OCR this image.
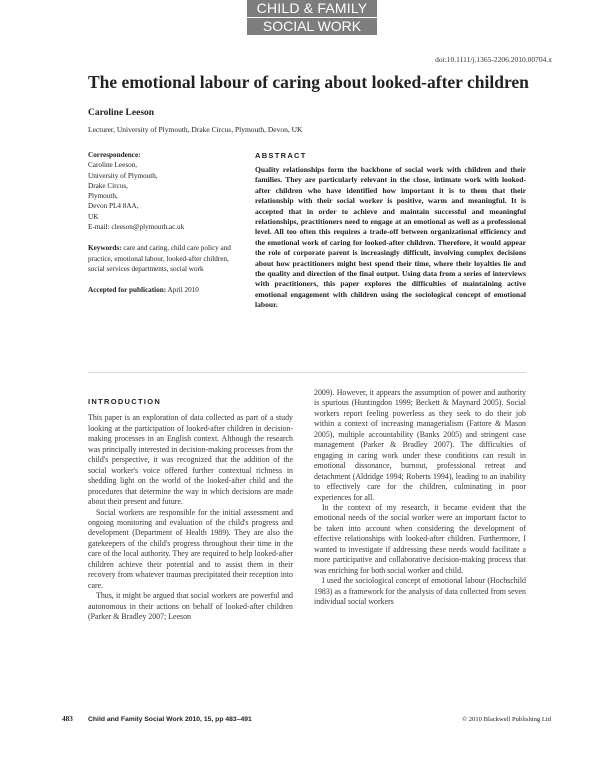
CHILD & FAMILY
SOCIAL WORK
doi:10.1111/j.1365-2206.2010.00704.x
The emotional labour of caring about looked-after children
Caroline Leeson
Lecturer, University of Plymouth, Drake Circus, Plymouth, Devon, UK
Correspondence:
Caroline Leeson,
University of Plymouth,
Drake Circus,
Plymouth,
Devon PL4 8AA,
UK
E-mail: cleeson@plymouth.ac.uk
Keywords: care and caring, child care policy and practice, emotional labour, looked-after children, social services departments, social work
Accepted for publication: April 2010
ABSTRACT

Quality relationships form the backbone of social work with children and their families. They are particularly relevant in the close, intimate work with looked-after children who have identified how important it is to them that their relationship with their social worker is positive, warm and meaningful. It is accepted that in order to achieve and maintain successful and meaningful relationships, practitioners need to engage at an emotional as well as a professional level. All too often this requires a trade-off between organizational efficiency and the emotional work of caring for looked-after children. Therefore, it would appear the role of corporate parent is increasingly difficult, involving complex decisions about how practitioners might best spend their time, where their loyalties lie and the quality and direction of the final output. Using data from a series of interviews with practitioners, this paper explores the difficulties of maintaining active emotional engagement with children using the sociological concept of emotional labour.

INTRODUCTION

This paper is an exploration of data collected as part of a study looking at the participation of looked-after children in decision-making processes in an English context. Although the research was principally interested in decision-making processes from the child's perspective, it was recognized that the addition of the social worker's voice offered further contextual richness in shedding light on the world of the looked-after child and the procedures that determine the way in which decisions are made about their present and future.

Social workers are responsible for the initial assessment and ongoing monitoring and evaluation of the child's progress and development (Department of Health 1989). They are also the gatekeepers of the child's progress throughout their time in the care of the local authority. They are required to help looked-after children achieve their potential and to assist them in their recovery from whatever traumas precipitated their reception into care.

Thus, it might be argued that social workers are powerful and autonomous in their actions on behalf of looked-after children (Parker & Bradley 2007; Leeson

2009). However, it appears the assumption of power and authority is spurious (Huntingdon 1999; Beckett & Maynard 2005). Social workers report feeling powerless as they seek to do their job within a context of increasing managerialism (Fattore & Mason 2005), multiple accountability (Banks 2005) and stringent case management (Parker & Bradley 2007). The difficulties of engaging in caring work under these conditions can result in emotional dissonance, burnout, professional retreat and detachment (Aldridge 1994; Roberts 1994), leading to an inability to effectively care for the children, culminating in poor experiences for all.

In the context of my research, it became evident that the emotional needs of the social worker were an important factor to be taken into account when considering the development of effective relationships with looked-after children. Furthermore, I wanted to investigate if addressing these needs would facilitate a more participative and collaborative decision-making process that was enriching for both social worker and child.

I used the sociological concept of emotional labour (Hochschild 1983) as a framework for the analysis of data collected from seven individual social workers

483 Child and Family Social Work 2010, 15, pp 483–491	© 2010 Blackwell Publishing Ltd
